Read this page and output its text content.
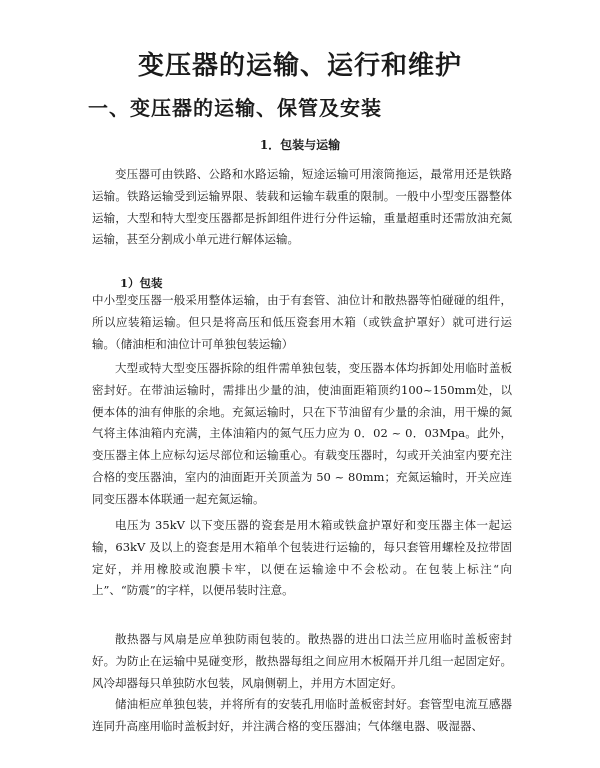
变压器的运输、运行和维护
一、变压器的运输、保管及安装
1．包装与运输

变压器可由铁路、公路和水路运输，短途运输可用滚筒拖运，最常用还是铁路运输。铁路运输受到运输界限、装载和运输车载重的限制。一般中小型变压器整体运输，大型和特大型变压器都是拆卸组件进行分件运输，重量超重时还需放油充氮运输，甚至分割成小单元进行解体运输。

1）包装

中小型变压器一般采用整体运输，由于有套管、油位计和散热器等怕碰碰的组件，所以应装箱运输。但只是将高压和低压瓷套用木箱（或铁盒护罩好）就可进行运输。（储油柜和油位计可单独包装运输）

大型或特大型变压器拆除的组件需单独包装，变压器本体均拆卸处用临时盖板密封好。在带油运输时，需排出少量的油，使油面距箱顶约100~150mm处，以便本体的油有伸胀的余地。充氮运输时，只在下节油留有少量的余油，用干燥的氮气将主体油箱内充满，主体油箱内的氮气压力应为 0．02 ~ 0．03Mpa。此外，变压器主体上应标勾运尽部位和运输重心。有载变压器时，勾或开关油室内要充注合格的变压器油，室内的油面距开关顶盖为 50 ~ 80mm；充氮运输时，开关应连同变压器本体联通一起充氮运输。

电压为 35kV 以下变压器的瓷套是用木箱或铁盒护罩好和变压器主体一起运输，63kV 及以上的瓷套是用木箱单个包装进行运输的，每只套管用螺栓及拉带固定好，并用橡胶或泡膜卡牢，以便在运输途中不会松动。在包装上标注“向上”、“防震”的字样，以便吊装时注意。

散热器与风扇是应单独防雨包装的。散热器的进出口法兰应用临时盖板密封好。为防止在运输中晃碰变形，散热器每组之间应用木板隔开并几组一起固定好。风冷却器每只单独防水包装，风扇侧朝上，并用方木固定好。

储油柜应单独包装，并将所有的安装孔用临时盖板密封好。套管型电流互感器连同升高座用临时盖板封好，并注满合格的变压器油；气体继电器、吸湿器、
